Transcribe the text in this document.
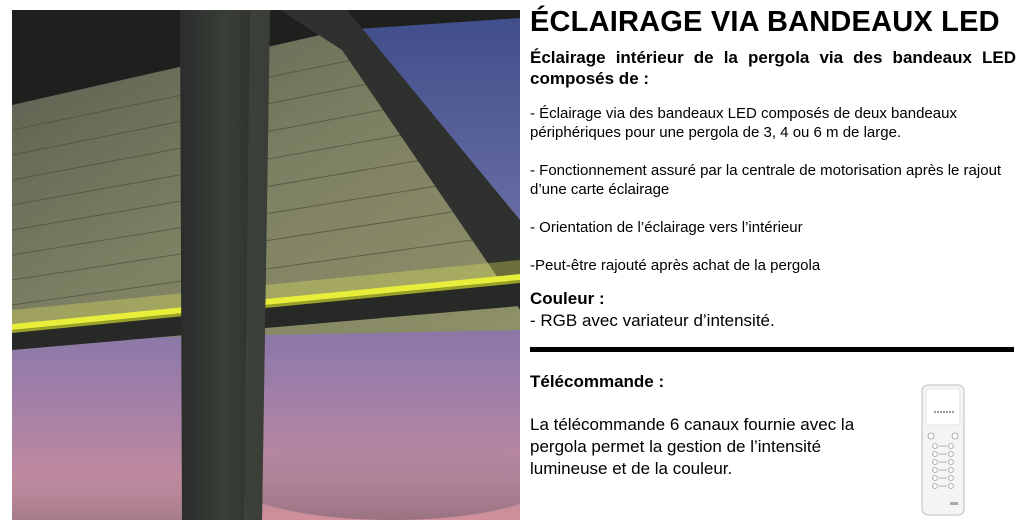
ÉCLAIRAGE VIA BANDEAUX LED

Éclairage intérieur de la pergola via des bandeaux LED composés de :

- Éclairage via des bandeaux LED composés de deux bandeaux périphériques pour une pergola de 3, 4 ou 6 m de large.
- Fonctionnement assuré par la centrale de motorisation après le rajout d’une carte éclairage
- Orientation de l’éclairage vers l’intérieur
-Peut-être rajouté après achat de la pergola
Couleur :
- RGB avec variateur d’intensité.
Télécommande :
La télécommande 6 canaux fournie avec la pergola permet la gestion de l’intensité lumineuse et de la couleur.
